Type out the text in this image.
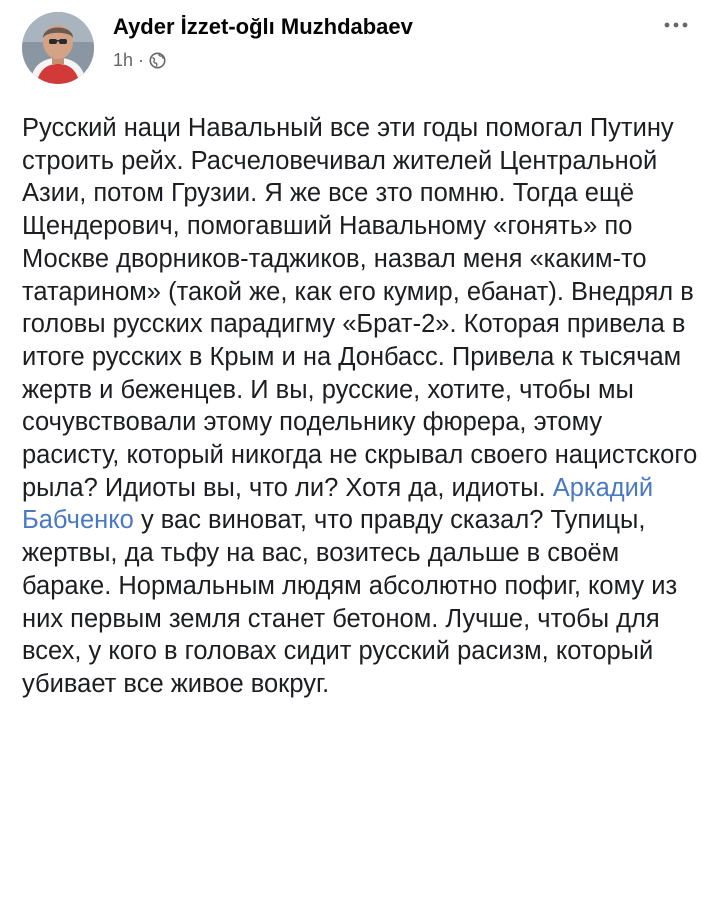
Ayder İzzet-oğlı Muzhdabaev
1h ·

Русский наци Навальный все эти годы помогал Путину строить рейх. Расчеловечивал жителей Центральной Азии, потом Грузии. Я же все зто помню. Тогда ещё Щендерович, помогавший Навальному «гонять» по Москве дворников-таджиков, назвал меня «каким-то татарином» (такой же, как его кумир, ебанат). Внедрял в головы русских парадигму «Брат-2». Которая привела в итоге русских в Крым и на Донбасс. Привела к тысячам жертв и беженцев. И вы, русские, хотите, чтобы мы сочувствовали этому подельнику фюрера, этому расисту, который никогда не скрывал своего нацистского рыла? Идиоты вы, что ли? Хотя да, идиоты. Аркадий Бабченко у вас виноват, что правду сказал? Тупицы, жертвы, да тьфу на вас, возитесь дальше в своём бараке. Нормальным людям абсолютно пофиг, кому из них первым земля станет бетоном. Лучше, чтобы для всех, у кого в головах сидит русский расизм, который убивает все живое вокруг.
